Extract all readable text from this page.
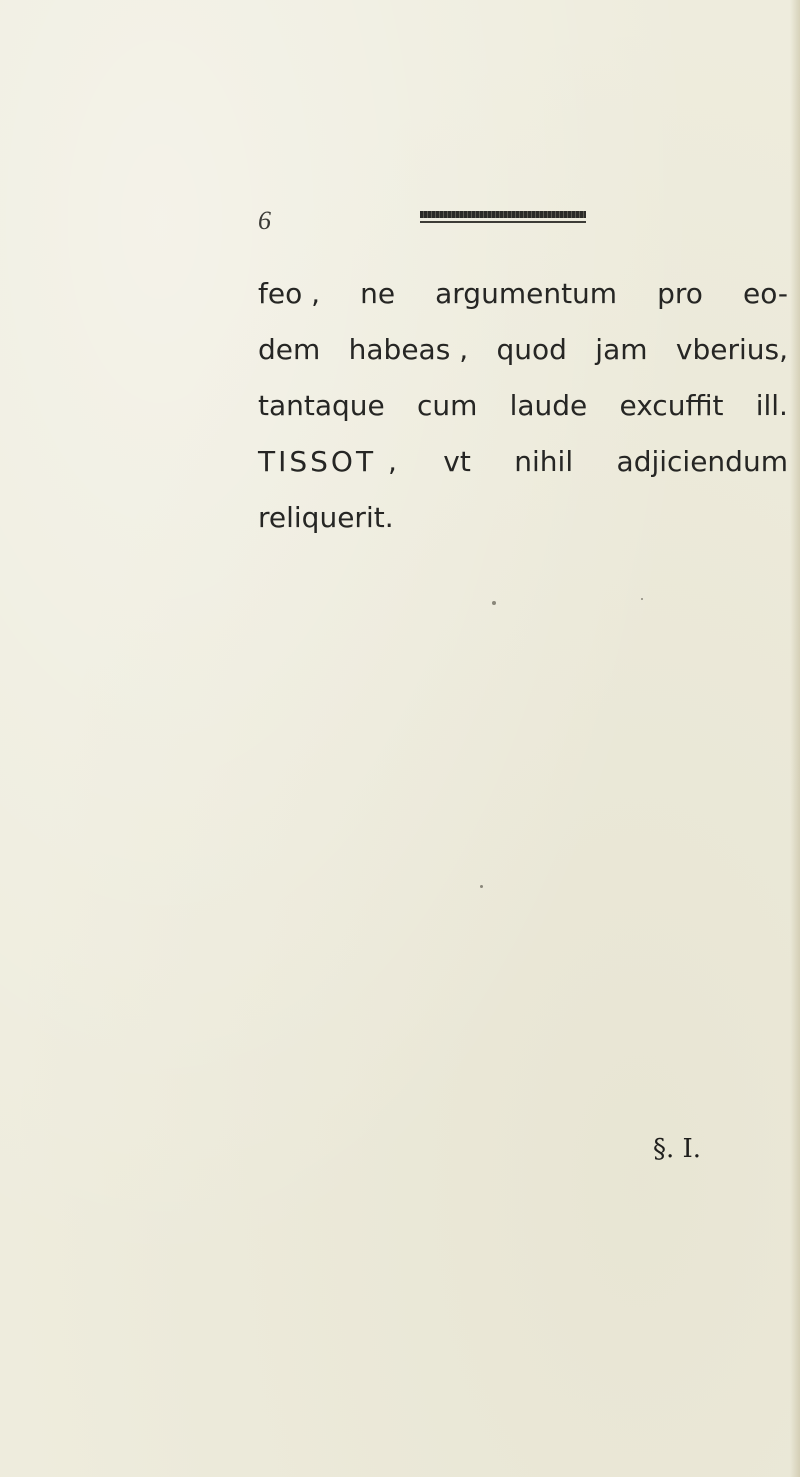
6
feo , ne argumentum pro eo-
dem habeas , quod jam vberius,
tantaque cum laude excuffit ill.
TISSOT , vt nihil adjiciendum
reliquerit.
§. I.
